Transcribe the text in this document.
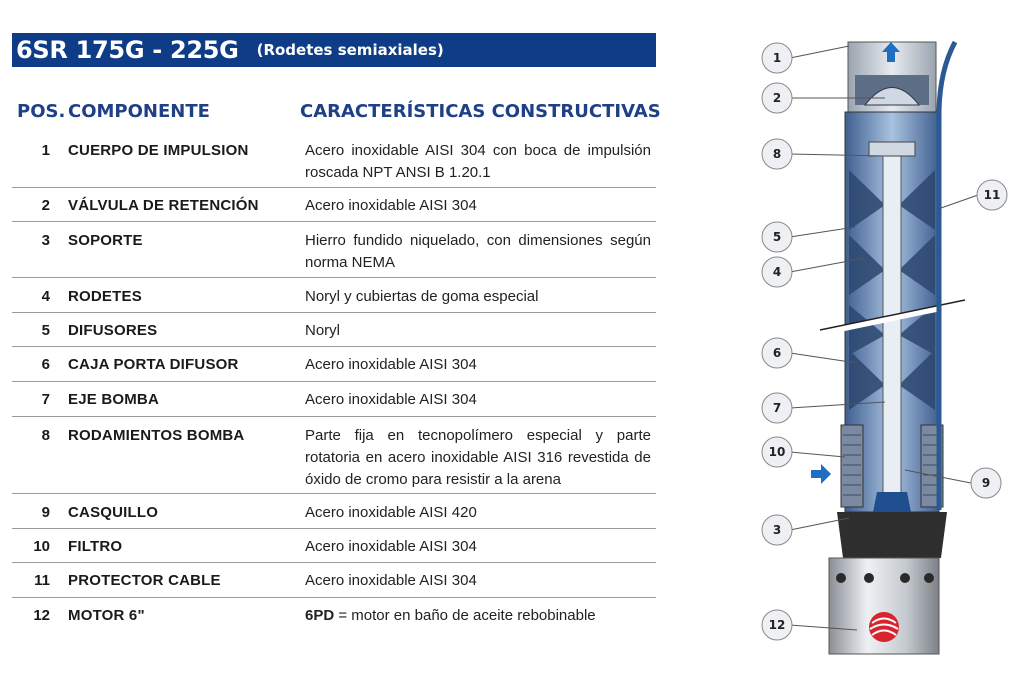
6SR 175G - 225G (Rodetes semiaxiales)
POS. COMPONENTE	CARACTERÍSTICAS CONSTRUCTIVAS
1 CUERPO DE IMPULSION	Acero inoxidable AISI 304 con boca de impulsión roscada NPT ANSI B 1.20.1
2 VÁLVULA DE RETENCIÓN	Acero inoxidable AISI 304
3 SOPORTE	Hierro fundido niquelado, con dimensiones según norma NEMA
4 RODETES	Noryl y cubiertas de goma especial
5 DIFUSORES	Noryl
6 CAJA PORTA DIFUSOR	Acero inoxidable AISI 304
7 EJE BOMBA	Acero inoxidable AISI 304
8 RODAMIENTOS BOMBA	Parte fija en tecnopolímero especial y parte rotatoria en acero inoxidable AISI 316 revestida de óxido de cromo para resistir a la arena
9 CASQUILLO	Acero inoxidable AISI 420
10 FILTRO	Acero inoxidable AISI 304
11 PROTECTOR CABLE	Acero inoxidable AISI 304
12 MOTOR 6"	6PD = motor en baño de aceite rebobinable
1
2
8
11
5
4
6
7
10
9
3
12
